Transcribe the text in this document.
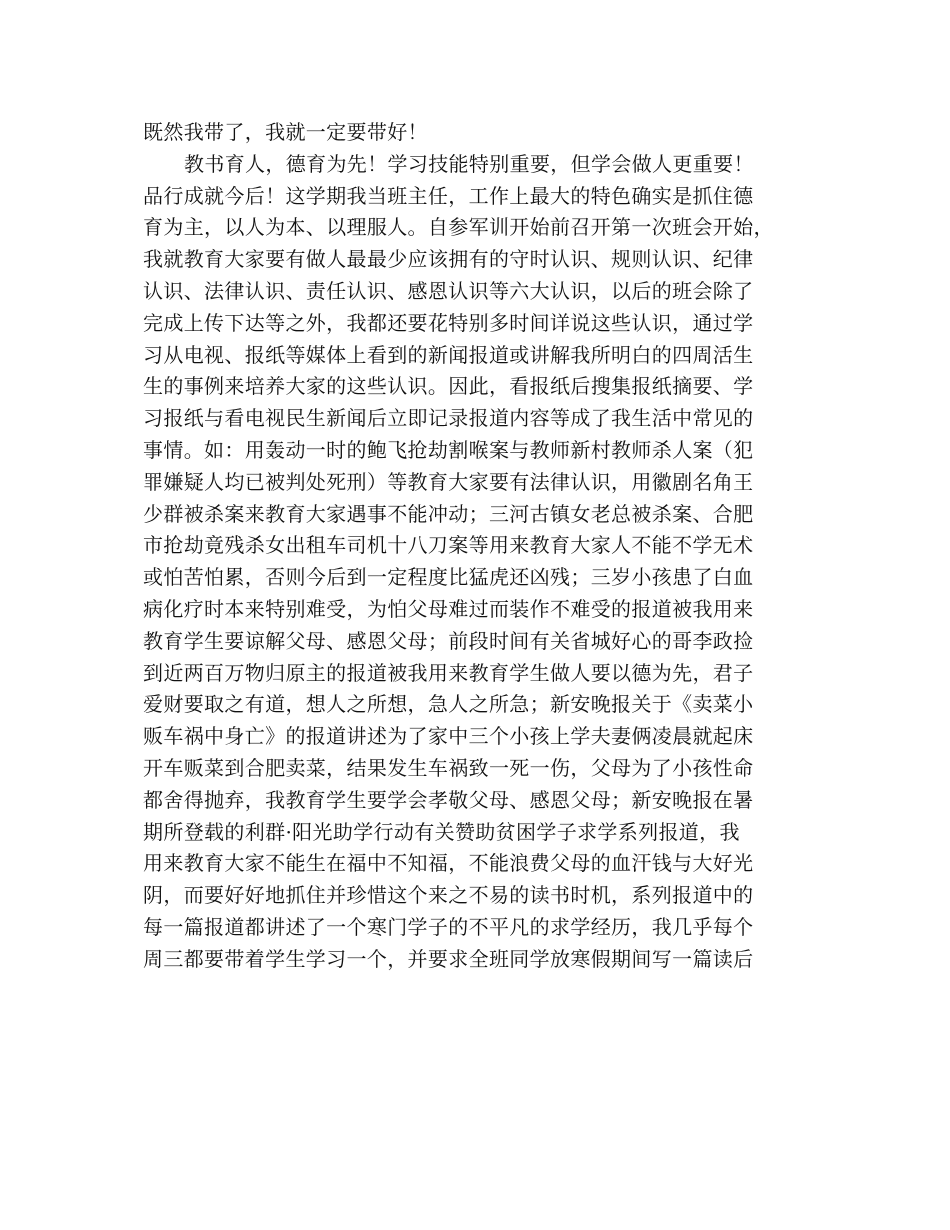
既然我带了，我就一定要带好！
教书育人，德育为先！学习技能特别重要，但学会做人更重要！
品行成就今后！这学期我当班主任，工作上最大的特色确实是抓住德
育为主，以人为本、以理服人。自参军训开始前召开第一次班会开始，
我就教育大家要有做人最最少应该拥有的守时认识、规则认识、纪律
认识、法律认识、责任认识、感恩认识等六大认识，以后的班会除了
完成上传下达等之外，我都还要花特别多时间详说这些认识，通过学
习从电视、报纸等媒体上看到的新闻报道或讲解我所明白的四周活生
生的事例来培养大家的这些认识。因此，看报纸后搜集报纸摘要、学
习报纸与看电视民生新闻后立即记录报道内容等成了我生活中常见的
事情。如：用轰动一时的鲍飞抢劫割喉案与教师新村教师杀人案（犯
罪嫌疑人均已被判处死刑）等教育大家要有法律认识，用徽剧名角王
少群被杀案来教育大家遇事不能冲动；三河古镇女老总被杀案、合肥
市抢劫竟残杀女出租车司机十八刀案等用来教育大家人不能不学无术
或怕苦怕累，否则今后到一定程度比猛虎还凶残；三岁小孩患了白血
病化疗时本来特别难受，为怕父母难过而装作不难受的报道被我用来
教育学生要谅解父母、感恩父母；前段时间有关省城好心的哥李政捡
到近两百万物归原主的报道被我用来教育学生做人要以德为先，君子
爱财要取之有道，想人之所想，急人之所急；新安晚报关于《卖菜小
贩车祸中身亡》的报道讲述为了家中三个小孩上学夫妻俩凌晨就起床
开车贩菜到合肥卖菜，结果发生车祸致一死一伤，父母为了小孩性命
都舍得抛弃，我教育学生要学会孝敬父母、感恩父母；新安晚报在暑
期所登载的利群·阳光助学行动有关赞助贫困学子求学系列报道，我
用来教育大家不能生在福中不知福，不能浪费父母的血汗钱与大好光
阴，而要好好地抓住并珍惜这个来之不易的读书时机，系列报道中的
每一篇报道都讲述了一个寒门学子的不平凡的求学经历，我几乎每个
周三都要带着学生学习一个，并要求全班同学放寒假期间写一篇读后
